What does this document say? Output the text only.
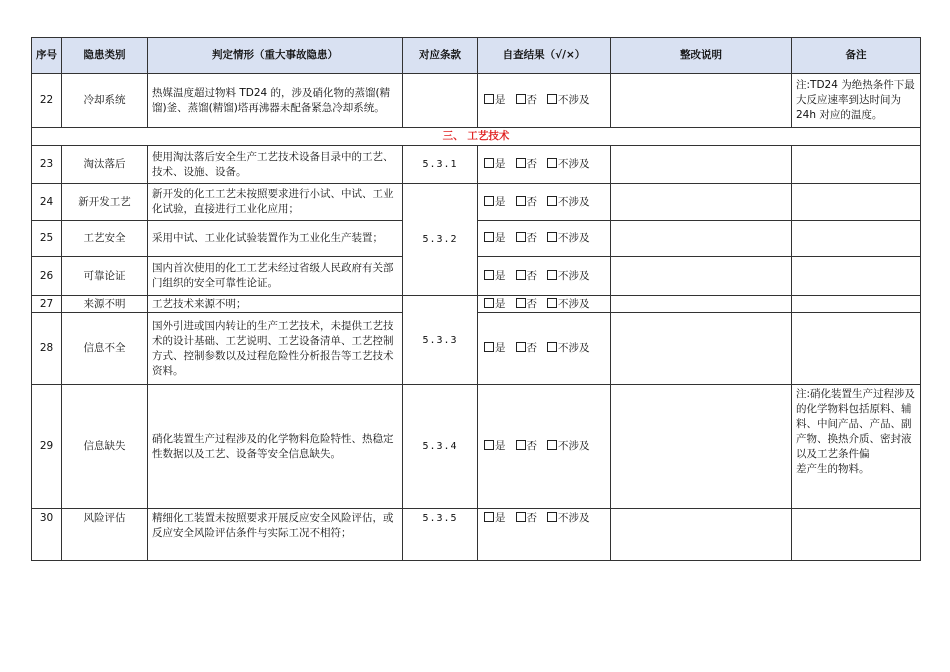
序号	隐患类别	判定情形（重大事故隐患）	对应条款	自查结果（√/×）	整改说明	备注
22	冷却系统	热媒温度超过物料 TD24 的，涉及硝化物的蒸馏(精馏)釜、蒸馏(精馏)塔再沸器未配备紧急冷却系统。		是 否 不涉及		注:TD24 为绝热条件下最大反应速率到达时间为 24h 对应的温度。
三、 工艺技术						
23	淘汰落后	使用淘汰落后安全生产工艺技术设备目录中的工艺、技术、设施、设备。	5.3.1	是 否 不涉及		
24	新开发工艺	新开发的化工工艺未按照要求进行小试、中试、工业化试验，直接进行工业化应用；	5.3.2	是 否 不涉及		
25	工艺安全	采用中试、工业化试验装置作为工业化生产装置；		是 否 不涉及		
26	可靠论证	国内首次使用的化工工艺未经过省级人民政府有关部门组织的安全可靠性论证。		是 否 不涉及		
27	来源不明	工艺技术来源不明；	5.3.3	是 否 不涉及		
28	信息不全	国外引进或国内转让的生产工艺技术，未提供工艺技术的设计基础、工艺说明、工艺设备清单、工艺控制方式、控制参数以及过程危险性分析报告等工艺技术资料。		是 否 不涉及		
29	信息缺失	硝化装置生产过程涉及的化学物料危险特性、热稳定性数据以及工艺、设备等安全信息缺失。	5.3.4	是 否 不涉及		注:硝化装置生产过程涉及的化学物料包括原料、辅料、中间产品、产品、副产物、换热介质、密封液以及工艺条件偏
差产生的物料。

30	风险评估	精细化工装置未按照要求开展反应安全风险评估，或反应安全风险评估条件与实际工况不相符；	5.3.5	是 否 不涉及		
